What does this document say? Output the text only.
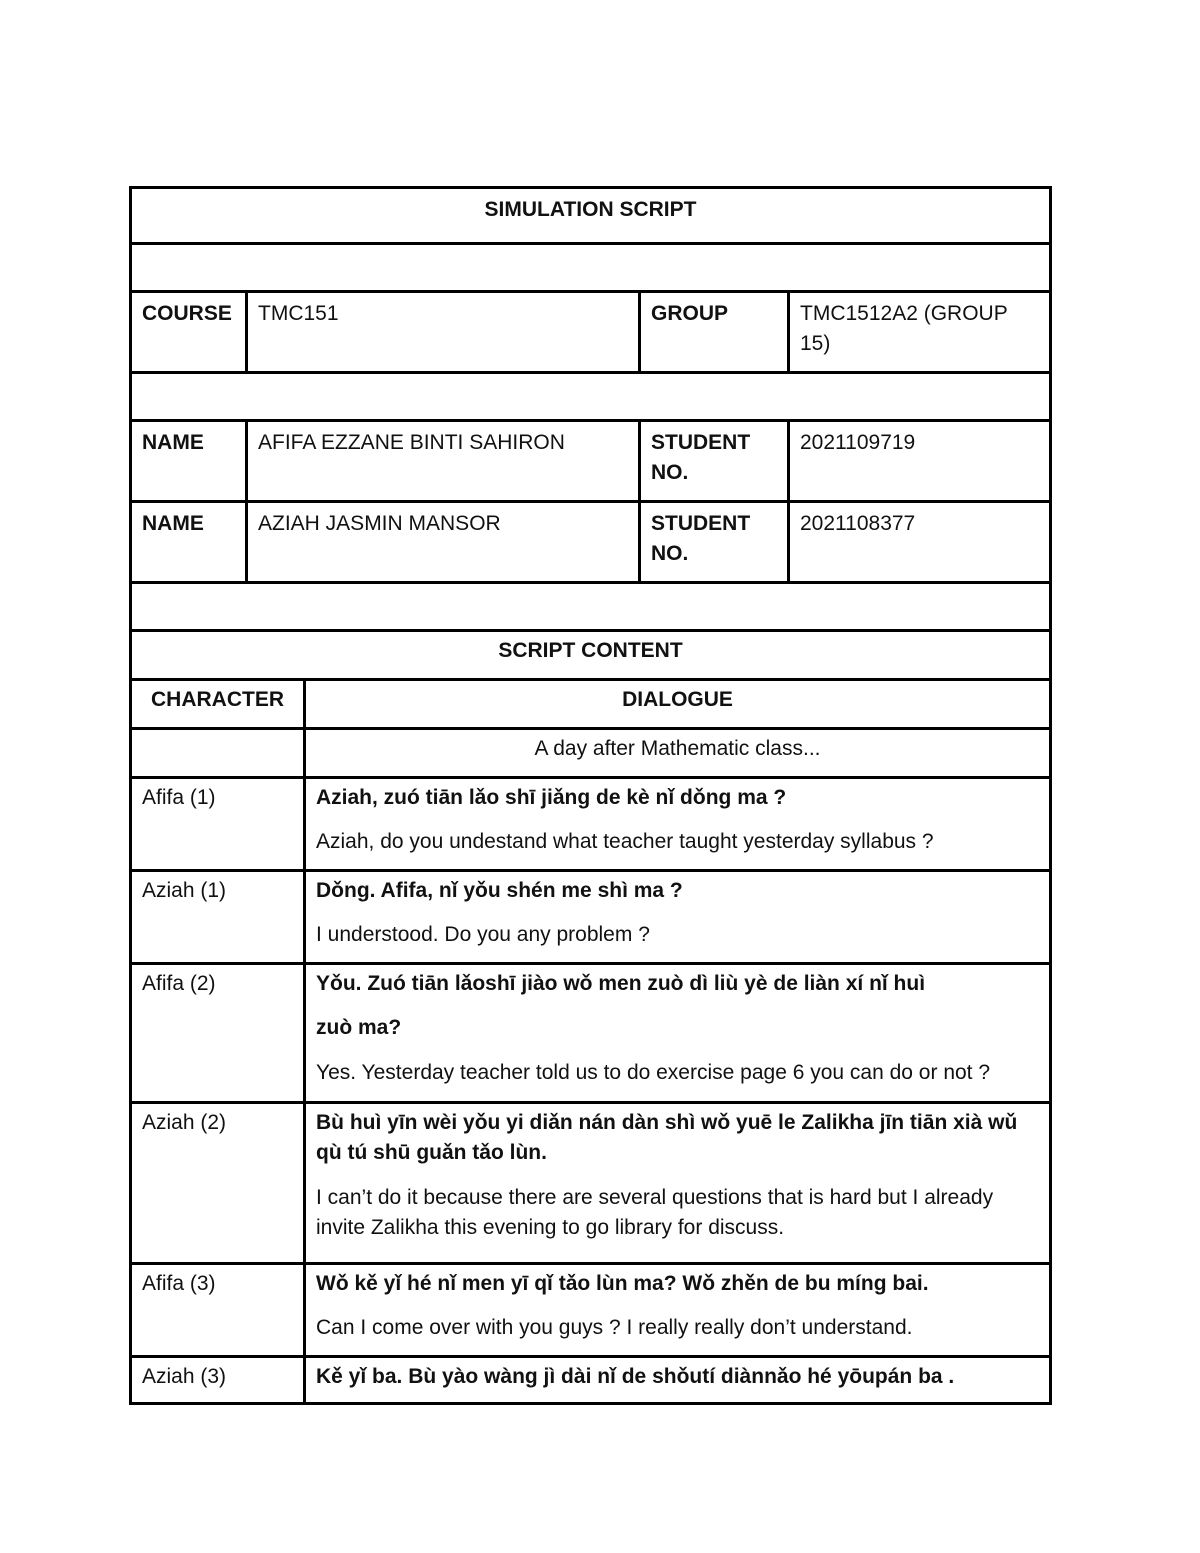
SIMULATION SCRIPT				

COURSE	TMC151		GROUP	TMC1512A2 (GROUP 15)

NAME	AFIFA EZZANE BINTI SAHIRON		STUDENT NO.	2021109719
NAME	AZIAH JASMIN MANSOR		STUDENT NO.	2021108377

SCRIPT CONTENT				
CHARACTER		DIALOGUE		
		A day after Mathematic class...		
Afifa (1)		Aziah, zuó tiān lǎo shī jiǎng de kè nǐ dǒng ma ?

Aziah, do you undestand what teacher taught yesterday syllabus ?		

Aziah (1)		Dǒng. Afifa, nǐ yǒu shén me shì ma ?

I understood. Do you any problem ?		

Afifa (2)		Yǒu. Zuó tiān lǎoshī jiào wǒ men zuò dì liù yè de liàn xí nǐ huì

zuò ma?

Yes. Yesterday teacher told us to do exercise page 6 you can do or not ?		

Aziah (2)		Bù huì yīn wèi yǒu yi diǎn nán dàn shì wǒ yuē le Zalikha jīn tiān xià wǔ qù tú shū guǎn tǎo lùn.

I can’t do it because there are several questions that is hard but I already invite Zalikha this evening to go library for discuss.		

Afifa (3)		Wǒ kě yǐ hé nǐ men yī qǐ tǎo lùn ma? Wǒ zhěn de bu míng bai.

Can I come over with you guys ? I really really don’t understand.		

Aziah (3)		Kě yǐ ba. Bù yào wàng jì dài nǐ de shǒutí diànnǎo hé yōupán ba .		
